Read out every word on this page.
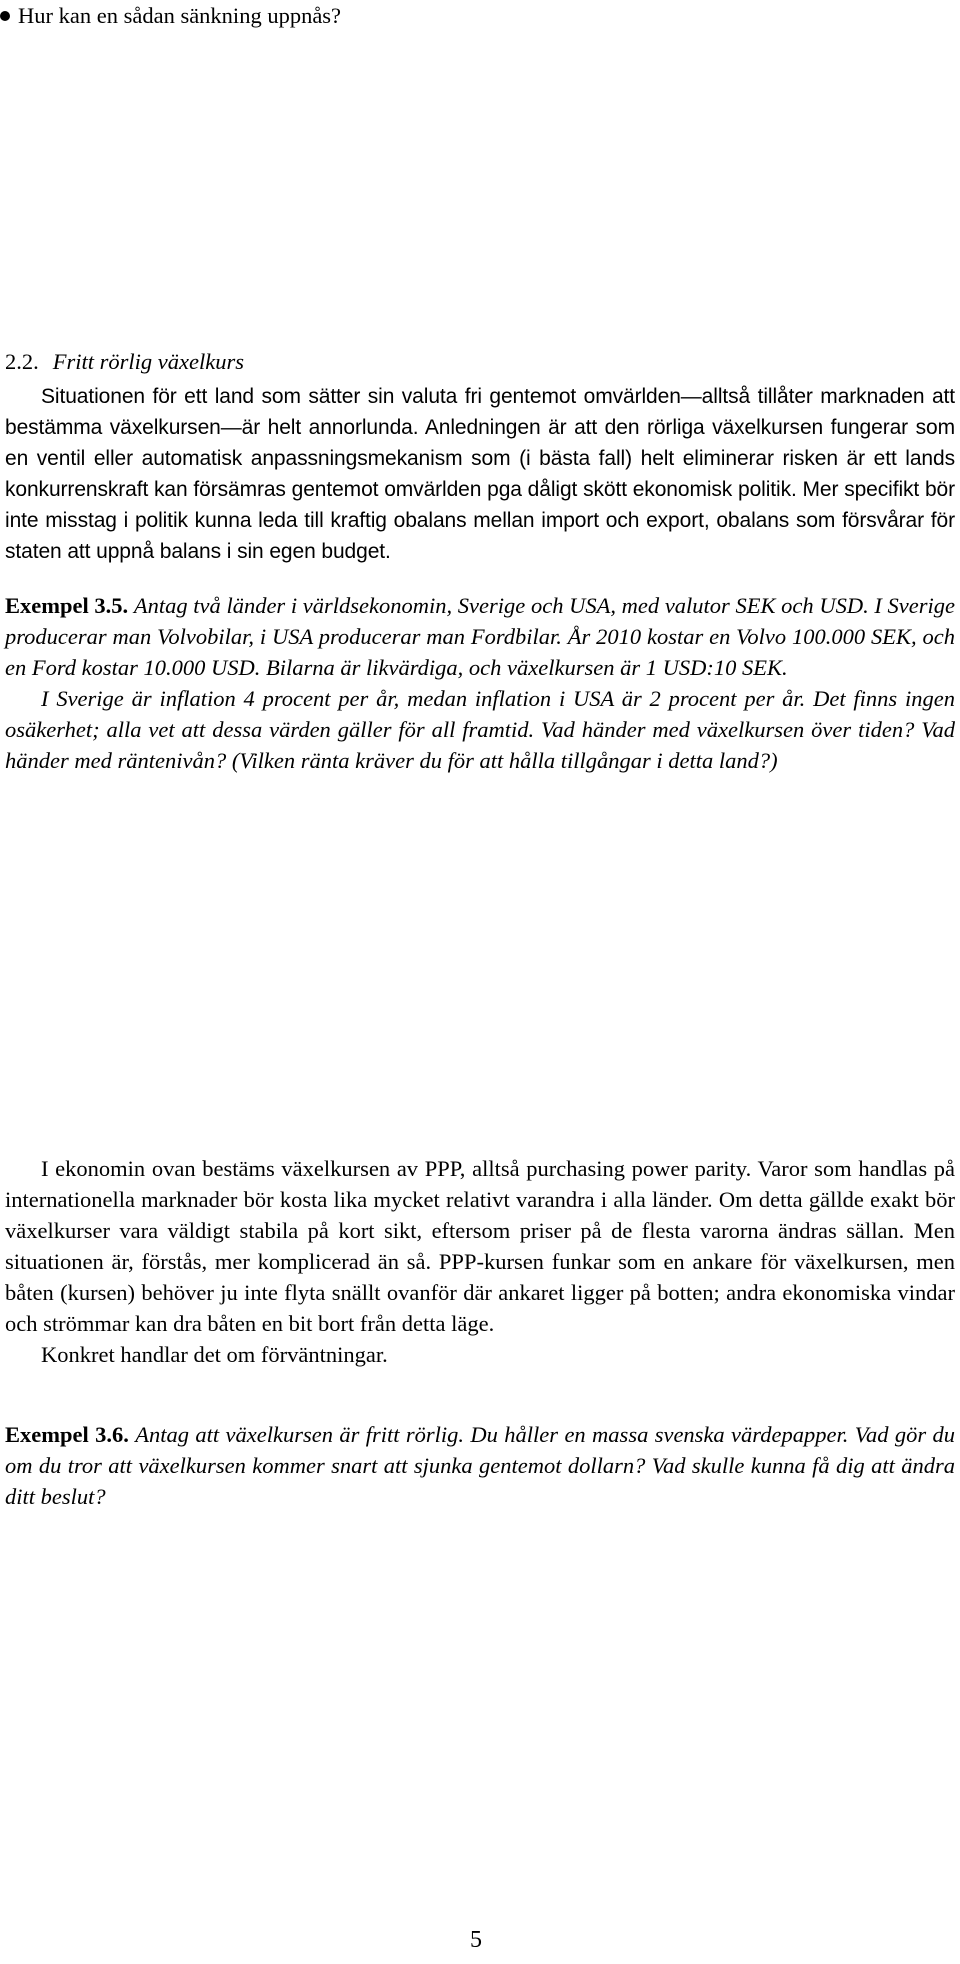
Hur kan en sådan sänkning uppnås?
2.2. Fritt rörlig växelkurs

Situationen för ett land som sätter sin valuta fri gentemot omvärlden—alltså tillåter marknaden att bestämma växelkursen—är helt annorlunda. Anledningen är att den rörliga växelkursen fungerar som en ventil eller automatisk anpassningsmekanism som (i bästa fall) helt eliminerar risken är ett lands konkurrenskraft kan försämras gentemot omvärlden pga dåligt skött ekonomisk politik. Mer specifikt bör inte misstag i politik kunna leda till kraftig obalans mellan import och export, obalans som försvårar för staten att uppnå balans i sin egen budget.

Exempel 3.5. Antag två länder i världsekonomin, Sverige och USA, med valutor SEK och USD. I Sverige producerar man Volvobilar, i USA producerar man Fordbilar. År 2010 kostar en Volvo 100.000 SEK, och en Ford kostar 10.000 USD. Bilarna är likvärdiga, och växelkursen är 1 USD:10 SEK.

I Sverige är inflation 4 procent per år, medan inflation i USA är 2 procent per år. Det finns ingen osäkerhet; alla vet att dessa värden gäller för all framtid. Vad händer med växelkursen över tiden? Vad händer med räntenivån? (Vilken ränta kräver du för att hålla tillgångar i detta land?)

I ekonomin ovan bestäms växelkursen av PPP, alltså purchasing power parity. Varor som handlas på internationella marknader bör kosta lika mycket relativt varandra i alla länder. Om detta gällde exakt bör växelkurser vara väldigt stabila på kort sikt, eftersom priser på de flesta varorna ändras sällan. Men situationen är, förstås, mer komplicerad än så. PPP-kursen funkar som en ankare för växelkursen, men båten (kursen) behöver ju inte flyta snällt ovanför där ankaret ligger på botten; andra ekonomiska vindar och strömmar kan dra båten en bit bort från detta läge.

Konkret handlar det om förväntningar.

Exempel 3.6. Antag att växelkursen är fritt rörlig. Du håller en massa svenska värdepapper. Vad gör du om du tror att växelkursen kommer snart att sjunka gentemot dollarn? Vad skulle kunna få dig att ändra ditt beslut?

5
